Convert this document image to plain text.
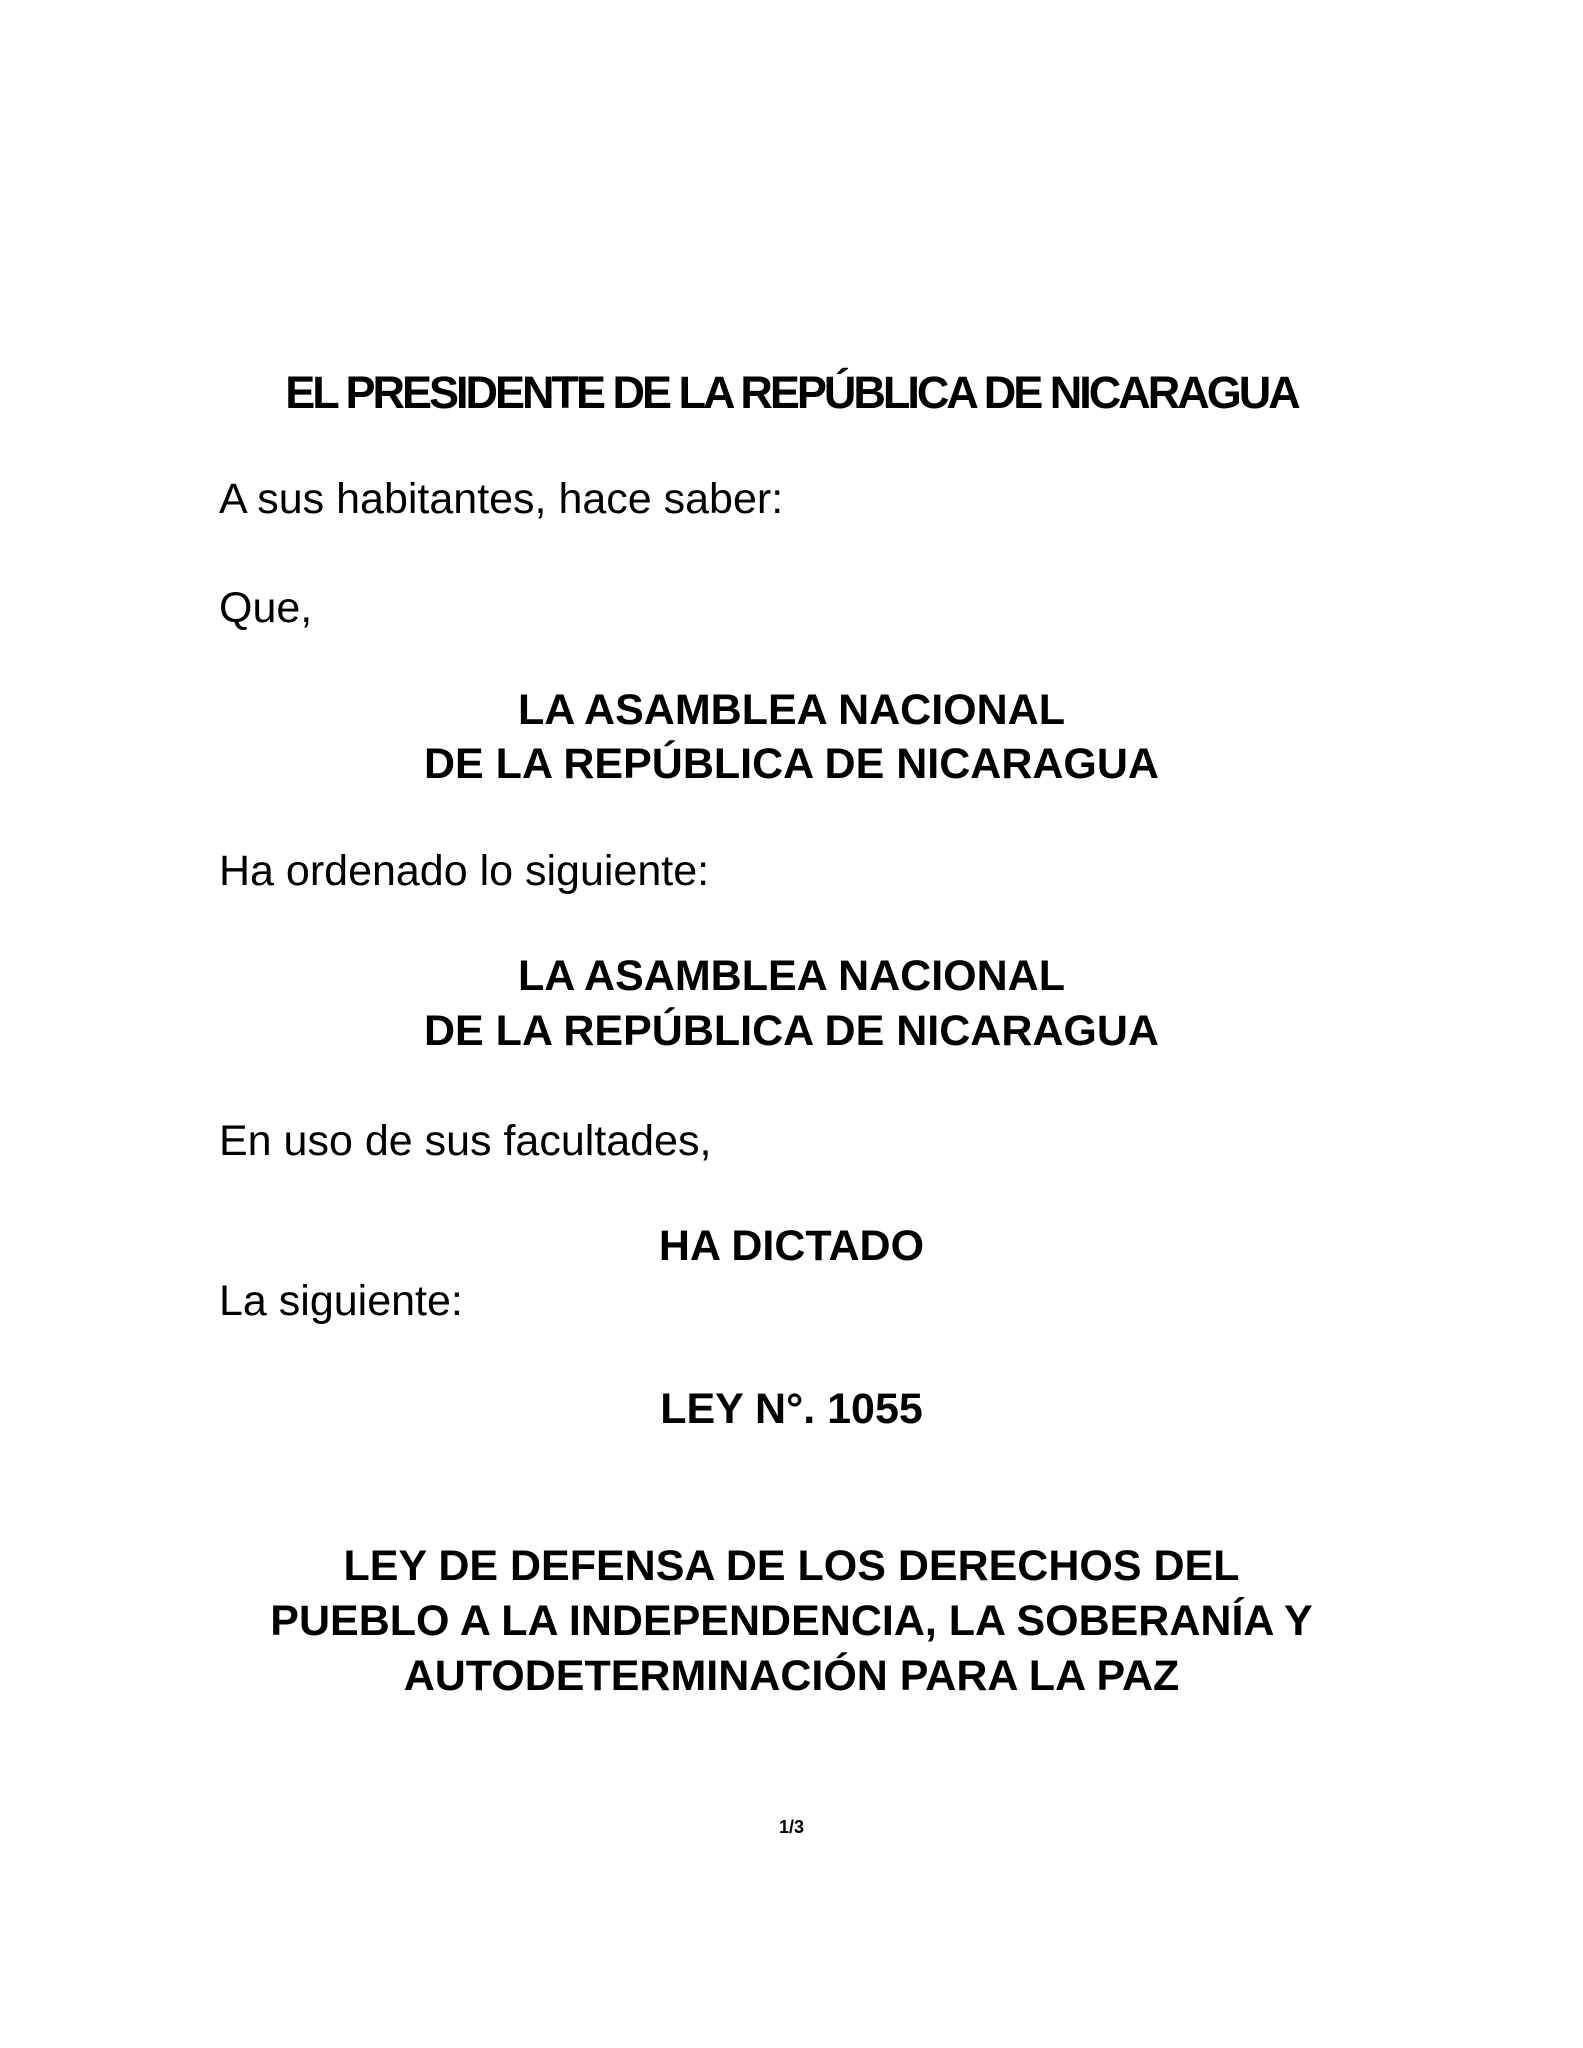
EL PRESIDENTE DE LA REPÚBLICA DE NICARAGUA
A sus habitantes, hace saber:
Que,
LA ASAMBLEA NACIONAL
DE LA REPÚBLICA DE NICARAGUA
Ha ordenado lo siguiente:
LA ASAMBLEA NACIONAL
DE LA REPÚBLICA DE NICARAGUA
En uso de sus facultades,
HA DICTADO
La siguiente:
LEY N°. 1055
LEY DE DEFENSA DE LOS DERECHOS DEL
PUEBLO A LA INDEPENDENCIA, LA SOBERANÍA Y
AUTODETERMINACIÓN PARA LA PAZ
1/3
